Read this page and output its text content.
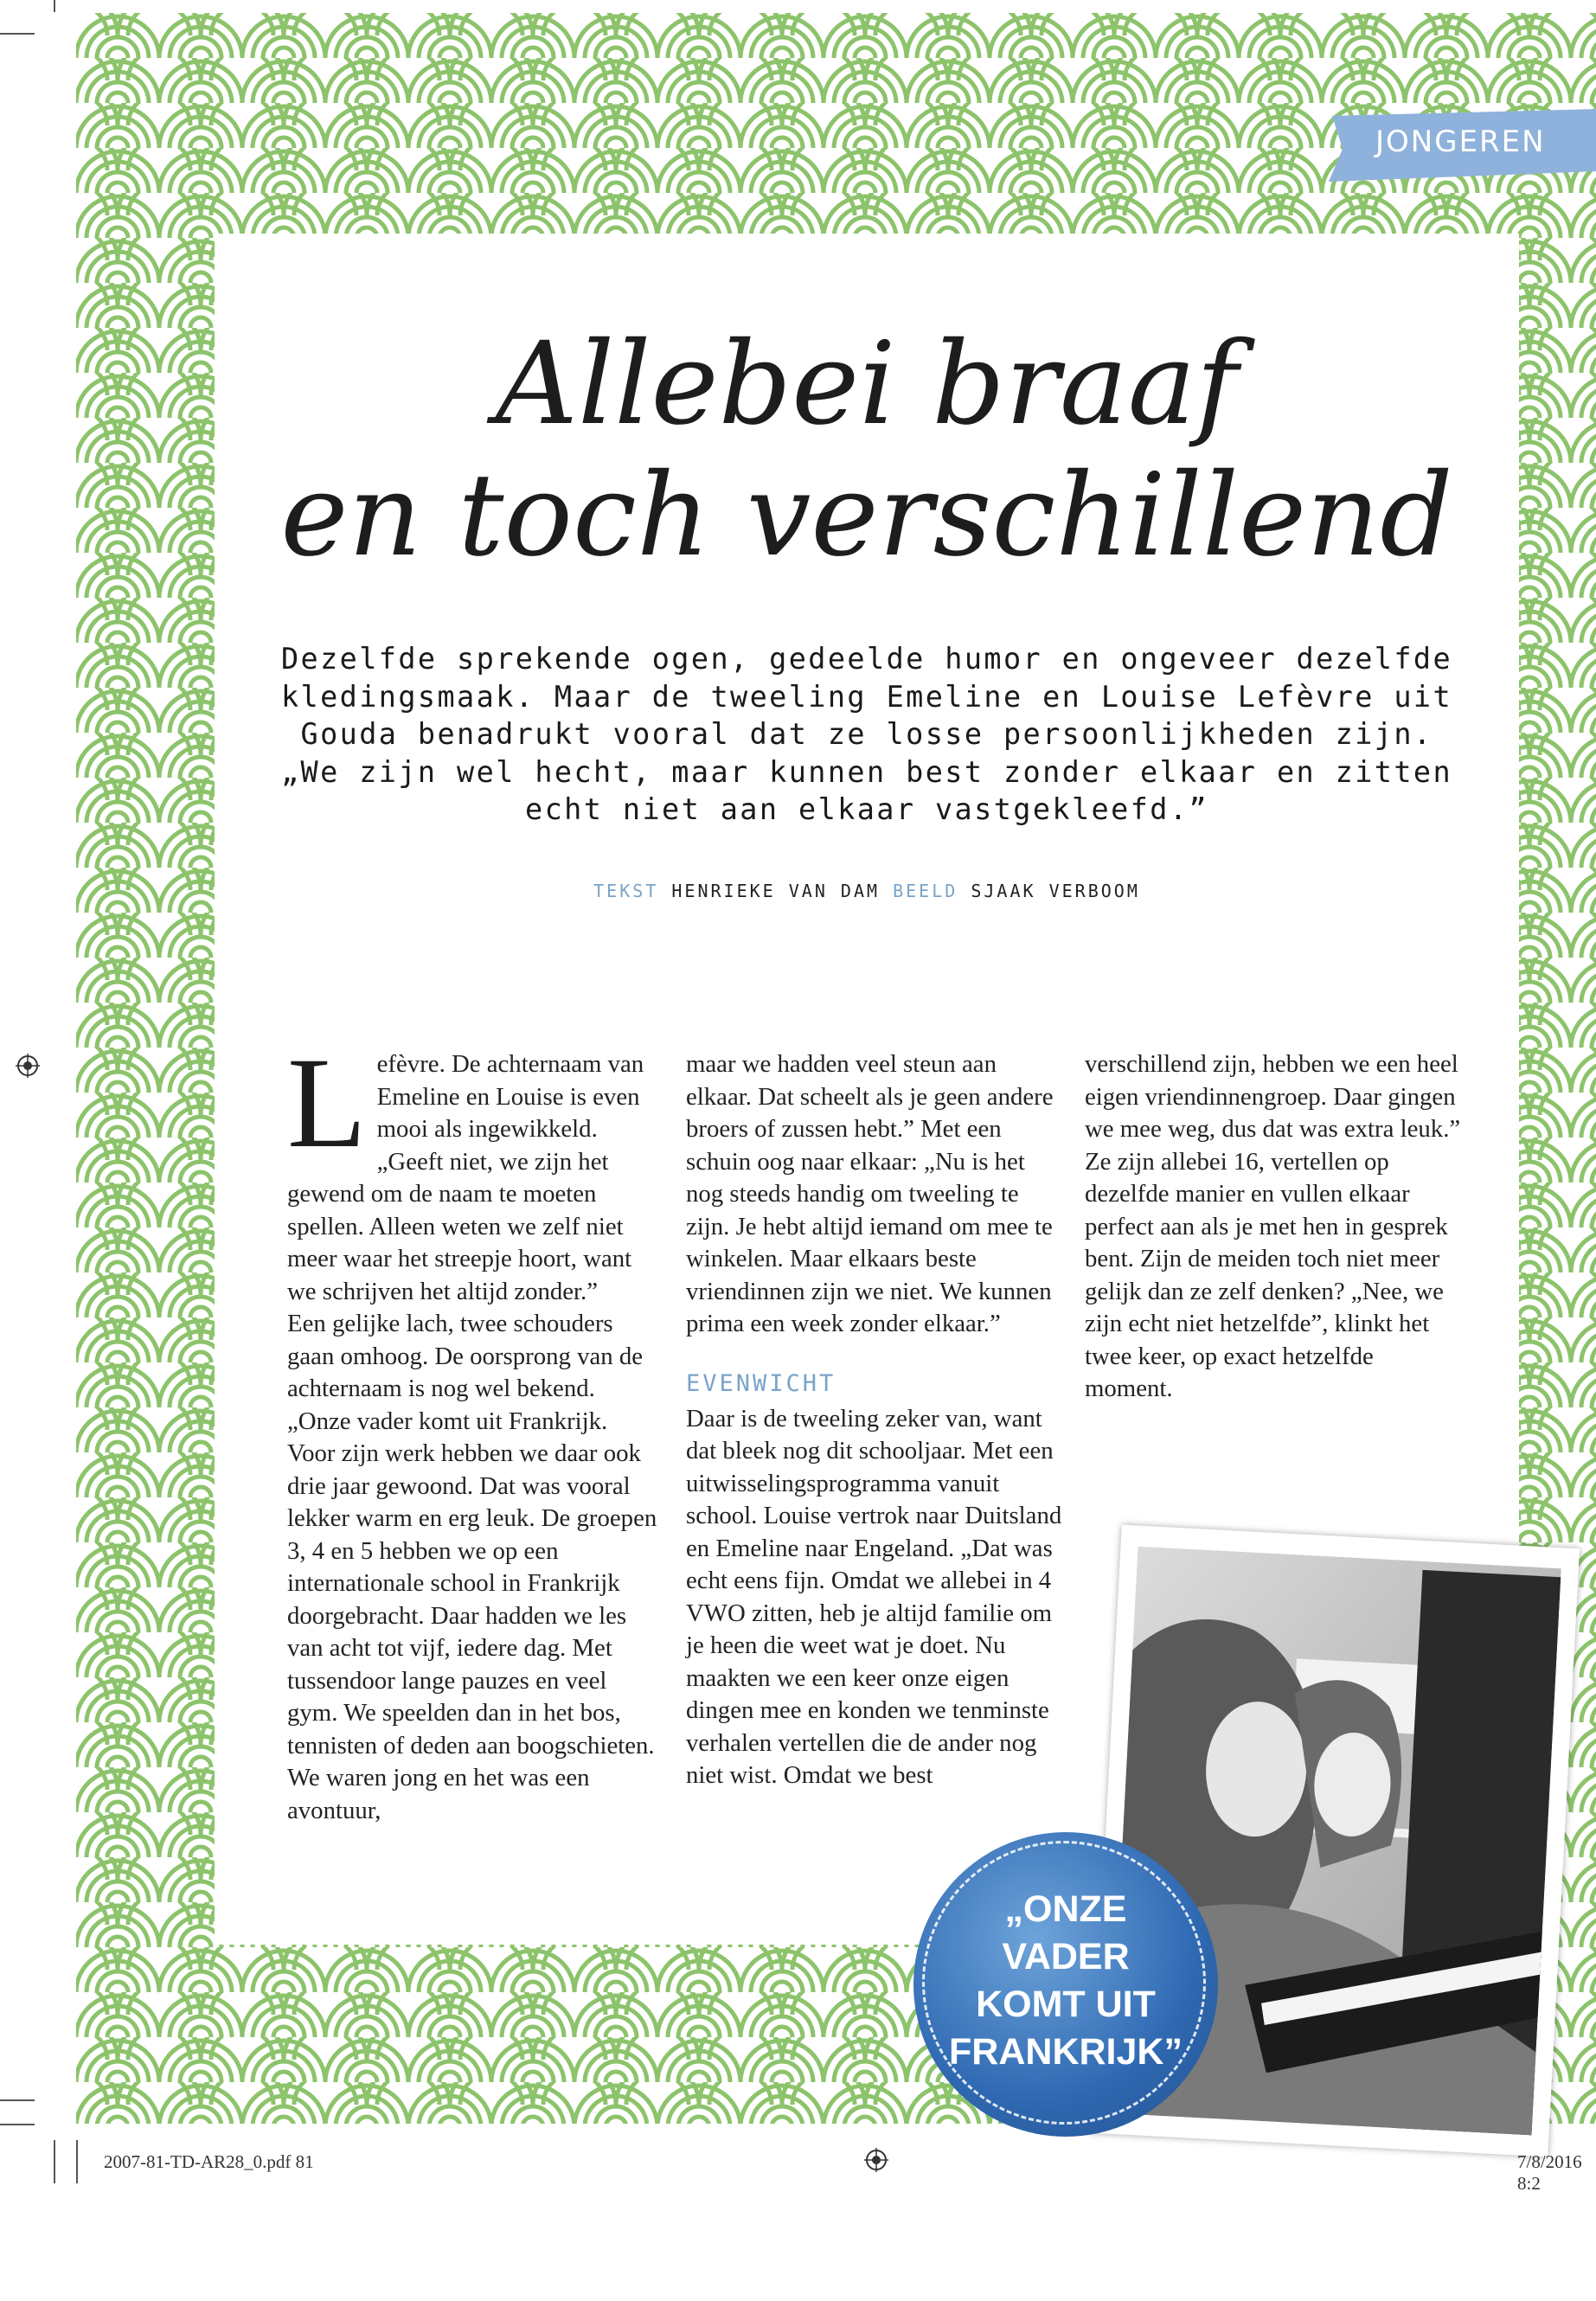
JONGEREN
Allebei braaf
en toch verschillend

Dezelfde sprekende ogen, gedeelde humor en ongeveer dezelfde kledingsmaak. Maar de tweeling Emeline en Louise Lefèvre uit Gouda benadrukt vooral dat ze losse persoonlijkheden zijn. „We zijn wel hecht, maar kunnen best zonder elkaar en zitten echt niet aan elkaar vastgekleefd.”

TEKST HENRIEKE VAN DAM BEELD SJAAK VERBOOM
L efèvre. De achternaam van Emeline en Louise is even mooi als ingewikkeld. „Geeft niet, we zijn het gewend om de naam te moeten spellen. Alleen weten we zelf niet meer waar het streepje hoort, want we schrijven het altijd zonder.”

Een gelijke lach, twee schouders gaan omhoog. De oorsprong van de achternaam is nog wel bekend. „Onze vader komt uit Frankrijk. Voor zijn werk hebben we daar ook drie jaar gewoond. Dat was vooral lekker warm en erg leuk. De groepen 3, 4 en 5 hebben we op een internationale school in Frankrijk doorgebracht. Daar hadden we les van acht tot vijf, iedere dag. Met tussendoor lange pauzes en veel gym. We speelden dan in het bos, tennisten of deden aan boogschieten. We waren jong en het was een avontuur,

maar we hadden veel steun aan elkaar. Dat scheelt als je geen andere broers of zussen hebt.” Met een schuin oog naar elkaar: „Nu is het nog steeds handig om tweeling te zijn. Je hebt altijd iemand om mee te winkelen. Maar elkaars beste vriendinnen zijn we niet. We kunnen prima een week zonder elkaar.”

EVENWICHT

Daar is de tweeling zeker van, want dat bleek nog dit schooljaar. Met een uitwisselingsprogramma vanuit school. Louise vertrok naar Duitsland en Emeline naar Engeland. „Dat was echt eens fijn. Omdat we allebei in 4 VWO zitten, heb je altijd familie om je heen die weet wat je doet. Nu maakten we een keer onze eigen dingen mee en konden we tenminste verhalen vertellen die de ander nog niet wist. Omdat we best

verschillend zijn, hebben we een heel eigen vriendinnengroep. Daar gingen we mee weg, dus dat was extra leuk.”

Ze zijn allebei 16, vertellen op dezelfde manier en vullen elkaar perfect aan als je met hen in gesprek bent. Zijn de meiden toch niet meer gelijk dan ze zelf denken? „Nee, we zijn echt niet hetzelfde”, klinkt het twee keer, op exact hetzelfde moment.

„ONZE
VADER
KOMT UIT
FRANKRIJK”
2007-81-TD-AR28_0.pdf 81	7/8/2016 8:2
